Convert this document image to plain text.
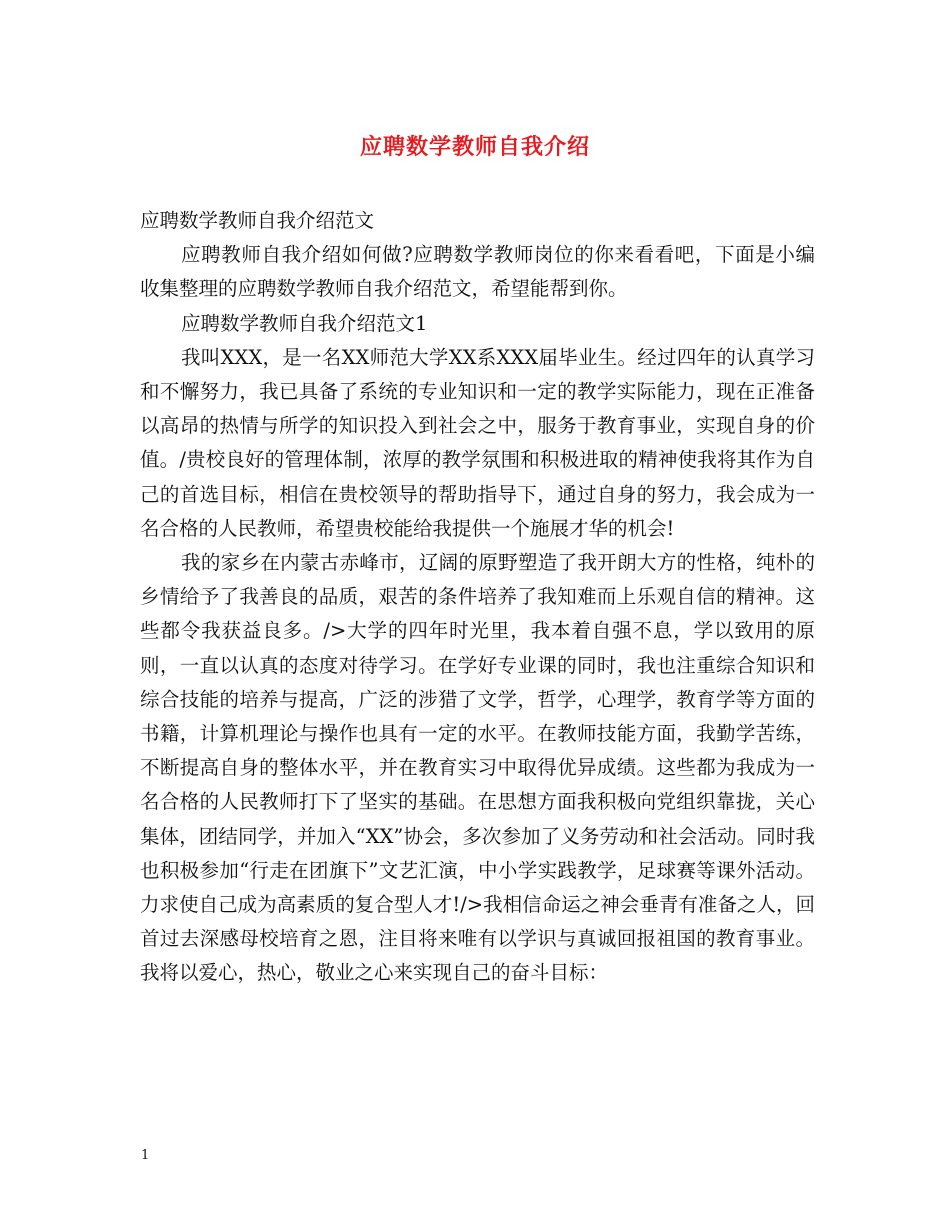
应聘数学教师自我介绍

应聘数学教师自我介绍范文

应聘教师自我介绍如何做?应聘数学教师岗位的你来看看吧，下面是小编收集整理的应聘数学教师自我介绍范文，希望能帮到你。

应聘数学教师自我介绍范文1

我叫XXX，是一名XX师范大学XX系XXX届毕业生。经过四年的认真学习和不懈努力，我已具备了系统的专业知识和一定的教学实际能力，现在正准备以高昂的热情与所学的知识投入到社会之中，服务于教育事业，实现自身的价值。/贵校良好的管理体制，浓厚的教学氛围和积极进取的精神使我将其作为自己的首选目标，相信在贵校领导的帮助指导下，通过自身的努力，我会成为一名合格的人民教师，希望贵校能给我提供一个施展才华的机会!

我的家乡在内蒙古赤峰市，辽阔的原野塑造了我开朗大方的性格，纯朴的乡情给予了我善良的品质，艰苦的条件培养了我知难而上乐观自信的精神。这些都令我获益良多。/>大学的四年时光里，我本着自强不息，学以致用的原则，一直以认真的态度对待学习。在学好专业课的同时，我也注重综合知识和综合技能的培养与提高，广泛的涉猎了文学，哲学，心理学，教育学等方面的书籍，计算机理论与操作也具有一定的水平。在教师技能方面，我勤学苦练，不断提高自身的整体水平，并在教育实习中取得优异成绩。这些都为我成为一名合格的人民教师打下了坚实的基础。在思想方面我积极向党组织靠拢，关心集体，团结同学，并加入“XX”协会，多次参加了义务劳动和社会活动。同时我也积极参加“行走在团旗下”文艺汇演，中小学实践教学，足球赛等课外活动。力求使自己成为高素质的复合型人才!/>我相信命运之神会垂青有准备之人，回首过去深感母校培育之恩，注目将来唯有以学识与真诚回报祖国的教育事业。我将以爱心，热心，敬业之心来实现自己的奋斗目标：

1
